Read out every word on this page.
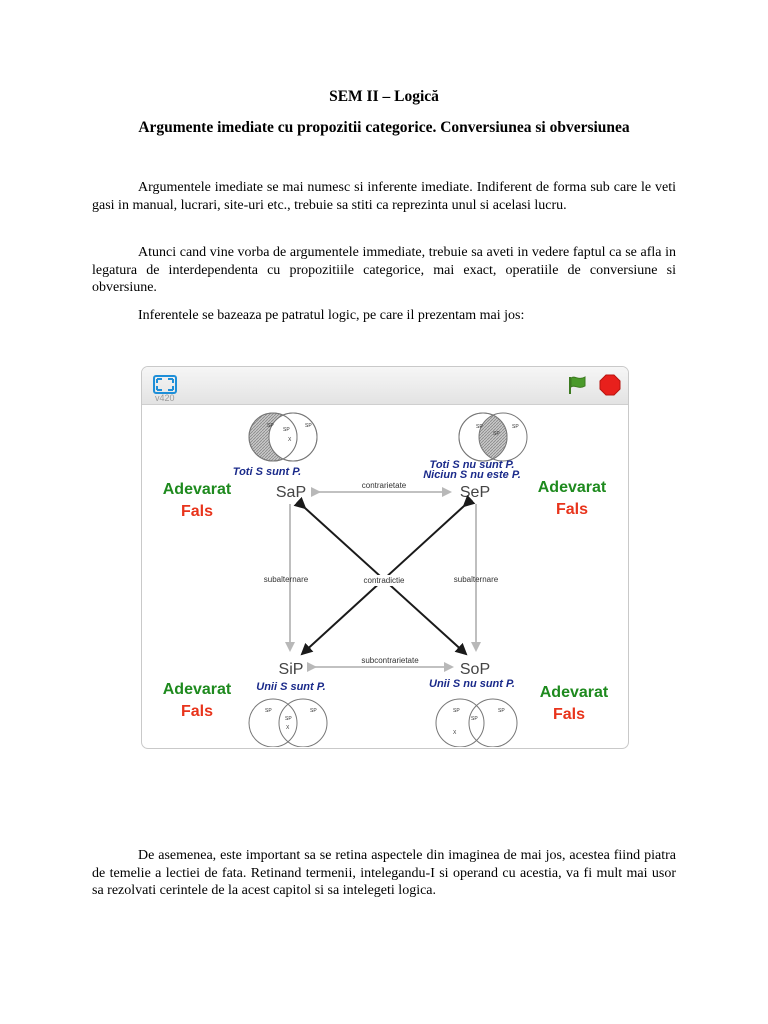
SEM II – Logică
Argumente imediate cu propozitii categorice. Conversiunea si obversiunea
Argumentele imediate se mai numesc si inferente imediate. Indiferent de forma sub care le veti gasi in manual, lucrari, site-uri etc., trebuie sa stiti ca reprezinta unul si acelasi lucru.
Atunci cand vine vorba de argumentele immediate, trebuie sa aveti in vedere faptul ca se afla in legatura de interdependenta cu propozitiile categorice, mai exact, operatiile de conversiune si obversiune.
Inferentele se bazeaza pe patratul logic, pe care il prezentam mai jos:
v420
SP
SP
SP
X
SP
SP
SP
Toti S sunt P.
Toti S nu sunt P.
Niciun S nu este P.
SaP	SeP
SiP	SoP
Unii S sunt P.	Unii S nu sunt P.
contrarietate
subcontrarietate
subalternare	subalternare
contradictie
Adevarat
Fals
Adevarat
Fals
Adevarat
Fals
Adevarat
Fals
SP
SP
SP
X
SP
SP
SP
X
De asemenea, este important sa se retina aspectele din imaginea de mai jos, acestea fiind piatra de temelie a lectiei de fata. Retinand termenii, intelegandu-I si operand cu acestia, va fi mult mai usor sa rezolvati cerintele de la acest capitol si sa intelegeti logica.
